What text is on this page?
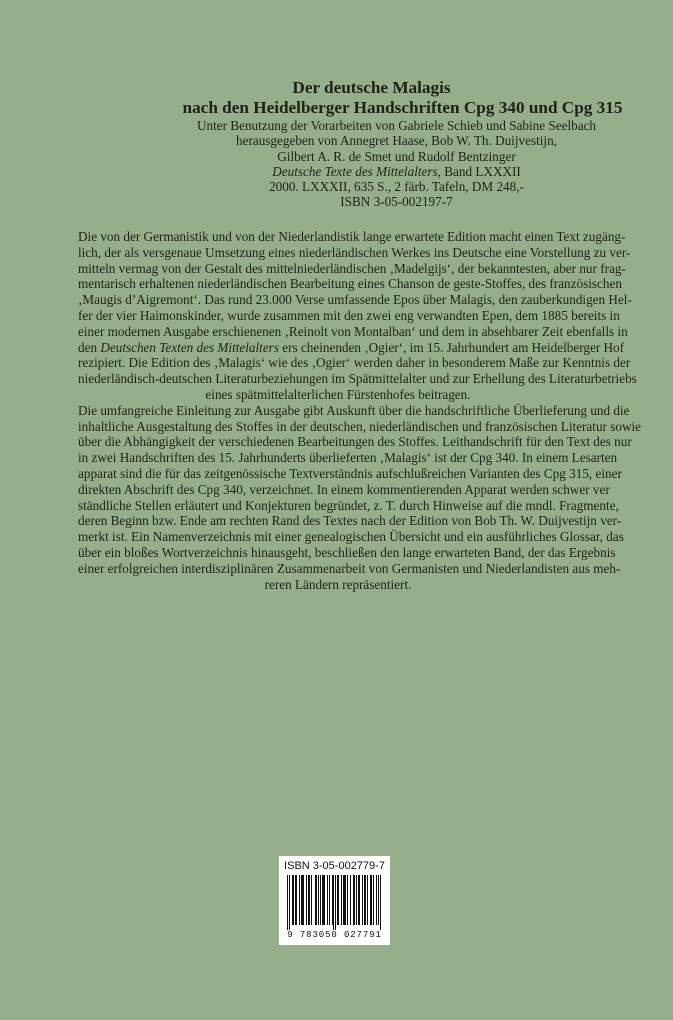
Der deutsche Malagis
nach den Heidelberger Handschriften Cpg 340 und Cpg 315
Unter Benutzung der Vorarbeiten von Gabriele Schieb und Sabine Seelbach
herausgegeben von Annegret Haase, Bob W. Th. Duijvestijn,
Gilbert A. R. de Smet und Rudolf Bentzinger
Deutsche Texte des Mittelalters, Band LXXXII
2000. LXXXII, 635 S., 2 färb. Tafeln, DM 248,-
ISBN 3-05-002197-7
Die von der Germanistik und von der Niederlandistik lange erwartete Edition macht einen Text zugäng-
lich, der als versgenaue Umsetzung eines niederländischen Werkes ins Deutsche eine Vorstellung zu ver-
mitteln vermag von der Gestalt des mittelniederländischen ‚Madelgijs‘, der bekanntesten, aber nur frag-
mentarisch erhaltenen niederländischen Bearbeitung eines Chanson de geste-Stoffes, des französischen
‚Maugis d’Aigremont‘. Das rund 23.000 Verse umfassende Epos über Malagis, den zauberkundigen Hel-
fer der vier Haimonskinder, wurde zusammen mit den zwei eng verwandten Epen, dem 1885 bereits in
einer modernen Ausgabe erschienenen ‚Reinolt von Montalban‘ und dem in absehbarer Zeit ebenfalls in
den Deutschen Texten des Mittelalters ers cheinenden ‚Ogier‘, im 15. Jahrhundert am Heidelberger Hof
rezipiert. Die Edition des ‚Malagis‘ wie des ‚Ogier‘ werden daher in besonderem Maße zur Kenntnis der
niederländisch-deutschen Literaturbeziehungen im Spätmittelalter und zur Erhellung des Literaturbetriebs
eines spätmittelalterlichen Fürstenhofes beitragen.
Die umfangreiche Einleitung zur Ausgabe gibt Auskunft über die handschriftliche Überlieferung und die
inhaltliche Ausgestaltung des Stoffes in der deutschen, niederländischen und französischen Literatur sowie
über die Abhängigkeit der verschiedenen Bearbeitungen des Stoffes. Leithandschrift für den Text des nur
in zwei Handschriften des 15. Jahrhunderts überlieferten ‚Malagis‘ ist der Cpg 340. In einem Lesarten
apparat sind die für das zeitgenössische Textverständnis aufschlußreichen Varianten des Cpg 315, einer
direkten Abschrift des Cpg 340, verzeichnet. In einem kommentierenden Apparat werden schwer ver
ständliche Stellen erläutert und Konjekturen begründet, z. T. durch Hinweise auf die mndl. Fragmente,
deren Beginn bzw. Ende am rechten Rand des Textes nach der Edition von Bob Th. W. Duijvestijn ver-
merkt ist. Ein Namenverzeichnis mit einer genealogischen Übersicht und ein ausführliches Glossar, das
über ein bloßes Wortverzeichnis hinausgeht, beschließen den lange erwarteten Band, der das Ergebnis
einer erfolgreichen interdisziplinären Zusammenarbeit von Germanisten und Niederlandisten aus meh-
reren Ländern repräsentiert.
ISBN 3-05-002779-7
9 783050 027791
